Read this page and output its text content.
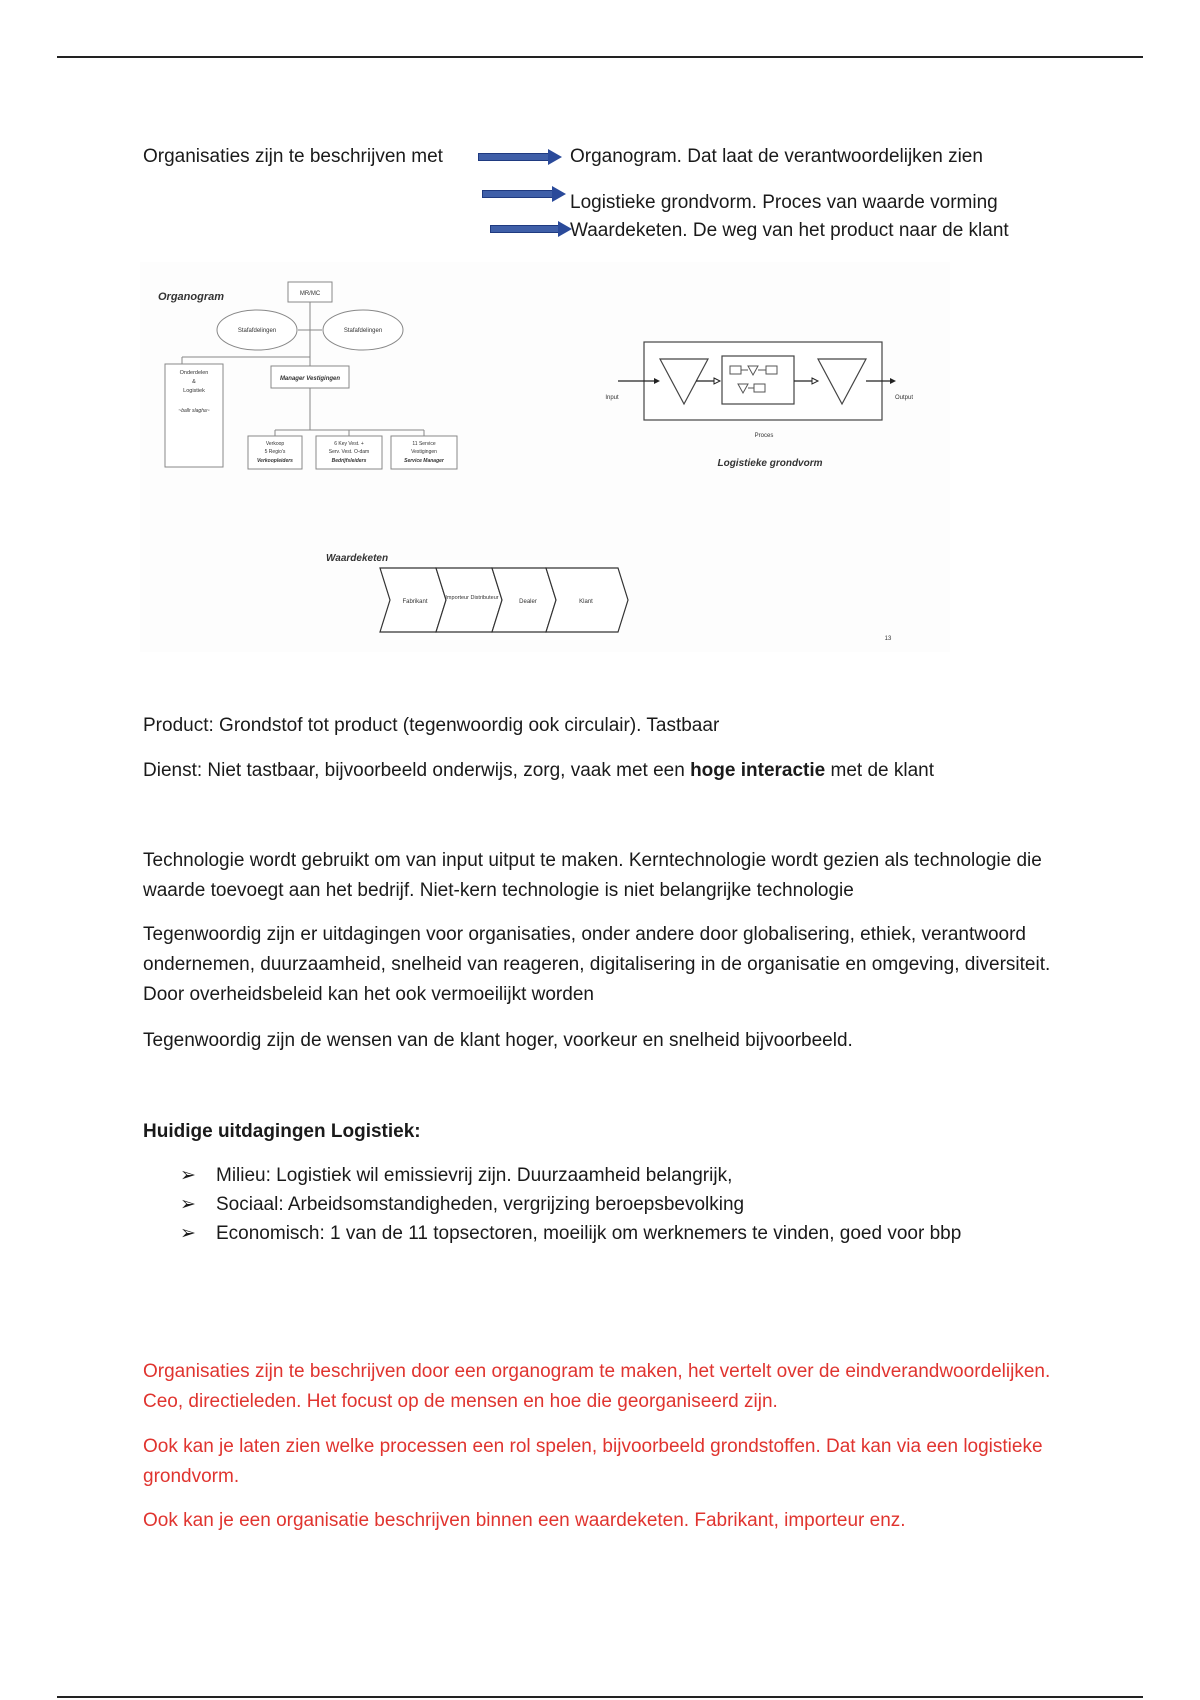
Organisaties zijn te beschrijven met	Organogram. Dat laat de verantwoordelijken zien
Logistieke grondvorm. Proces van waarde vorming
Waardeketen. De weg van het product naar de klant
Organogram	MR/MC
Stafafdelingen	Stafafdelingen
Onderdelen
&
Logistiek
~ballr slagha~
Manager Vestigingen
Verkoop
5 Regio's
Verkoopleiders
6 Key Vest. +
Serv. Vest. O-dam
Bedrijfsleiders
11 Service
Vestigingen
Service Manager
Input	Output
Proces
Logistieke grondvorm
Waardeketen
Fabrikant
Importeur Distributeur
Dealer	Klant
13
Product: Grondstof tot product (tegenwoordig ook circulair). Tastbaar
Dienst: Niet tastbaar, bijvoorbeeld onderwijs, zorg, vaak met een hoge interactie met de klant
Technologie wordt gebruikt om van input uitput te maken. Kerntechnologie wordt gezien als technologie die waarde toevoegt aan het bedrijf. Niet-kern technologie is niet belangrijke technologie
Tegenwoordig zijn er uitdagingen voor organisaties, onder andere door globalisering, ethiek, verantwoord ondernemen, duurzaamheid, snelheid van reageren, digitalisering in de organisatie en omgeving, diversiteit. Door overheidsbeleid kan het ook vermoeilijkt worden
Tegenwoordig zijn de wensen van de klant hoger, voorkeur en snelheid bijvoorbeeld.
Huidige uitdagingen Logistiek:
➢	Milieu: Logistiek wil emissievrij zijn. Duurzaamheid belangrijk,
➢	Sociaal: Arbeidsomstandigheden, vergrijzing beroepsbevolking
➢	Economisch: 1 van de 11 topsectoren, moeilijk om werknemers te vinden, goed voor bbp
Organisaties zijn te beschrijven door een organogram te maken, het vertelt over de eindverandwoordelijken. Ceo, directieleden. Het focust op de mensen en hoe die georganiseerd zijn.
Ook kan je laten zien welke processen een rol spelen, bijvoorbeeld grondstoffen. Dat kan via een logistieke grondvorm.
Ook kan je een organisatie beschrijven binnen een waardeketen. Fabrikant, importeur enz.
